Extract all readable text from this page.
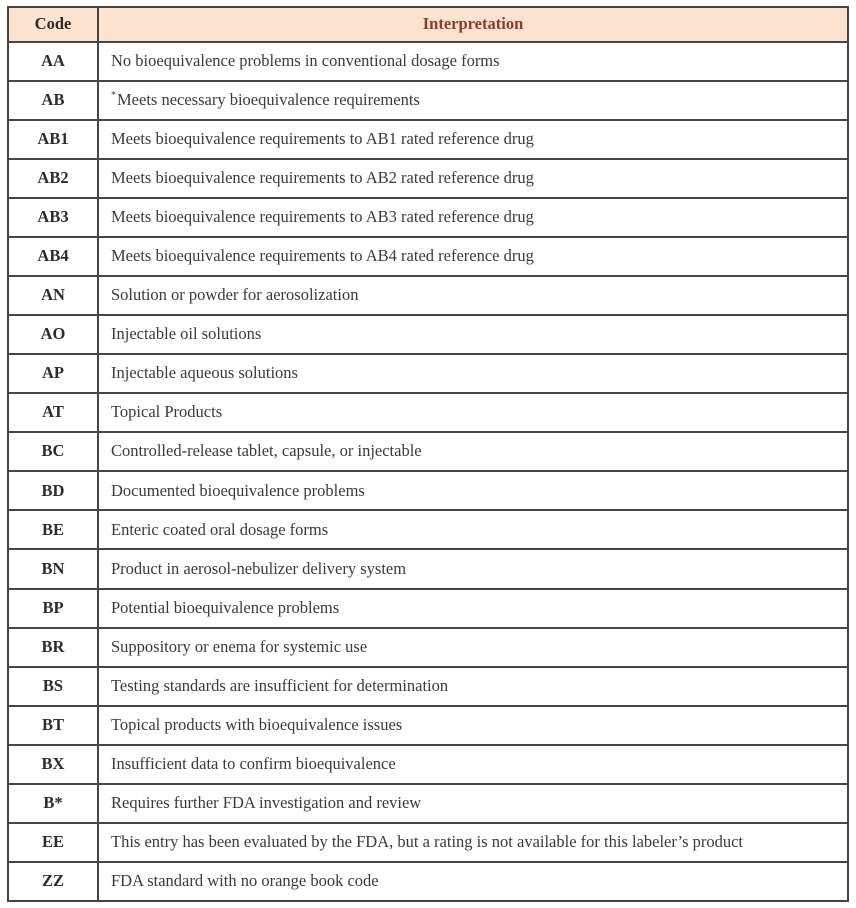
Code	Interpretation
AA	No bioequivalence problems in conventional dosage forms
AB	*Meets necessary bioequivalence requirements
AB1	Meets bioequivalence requirements to AB1 rated reference drug
AB2	Meets bioequivalence requirements to AB2 rated reference drug
AB3	Meets bioequivalence requirements to AB3 rated reference drug
AB4	Meets bioequivalence requirements to AB4 rated reference drug
AN	Solution or powder for aerosolization
AO	Injectable oil solutions
AP	Injectable aqueous solutions
AT	Topical Products
BC	Controlled-release tablet, capsule, or injectable
BD	Documented bioequivalence problems
BE	Enteric coated oral dosage forms
BN	Product in aerosol-nebulizer delivery system
BP	Potential bioequivalence problems
BR	Suppository or enema for systemic use
BS	Testing standards are insufficient for determination
BT	Topical products with bioequivalence issues
BX	Insufficient data to confirm bioequivalence
B*	Requires further FDA investigation and review
EE	This entry has been evaluated by the FDA, but a rating is not available for this labeler’s product
ZZ	FDA standard with no orange book code
